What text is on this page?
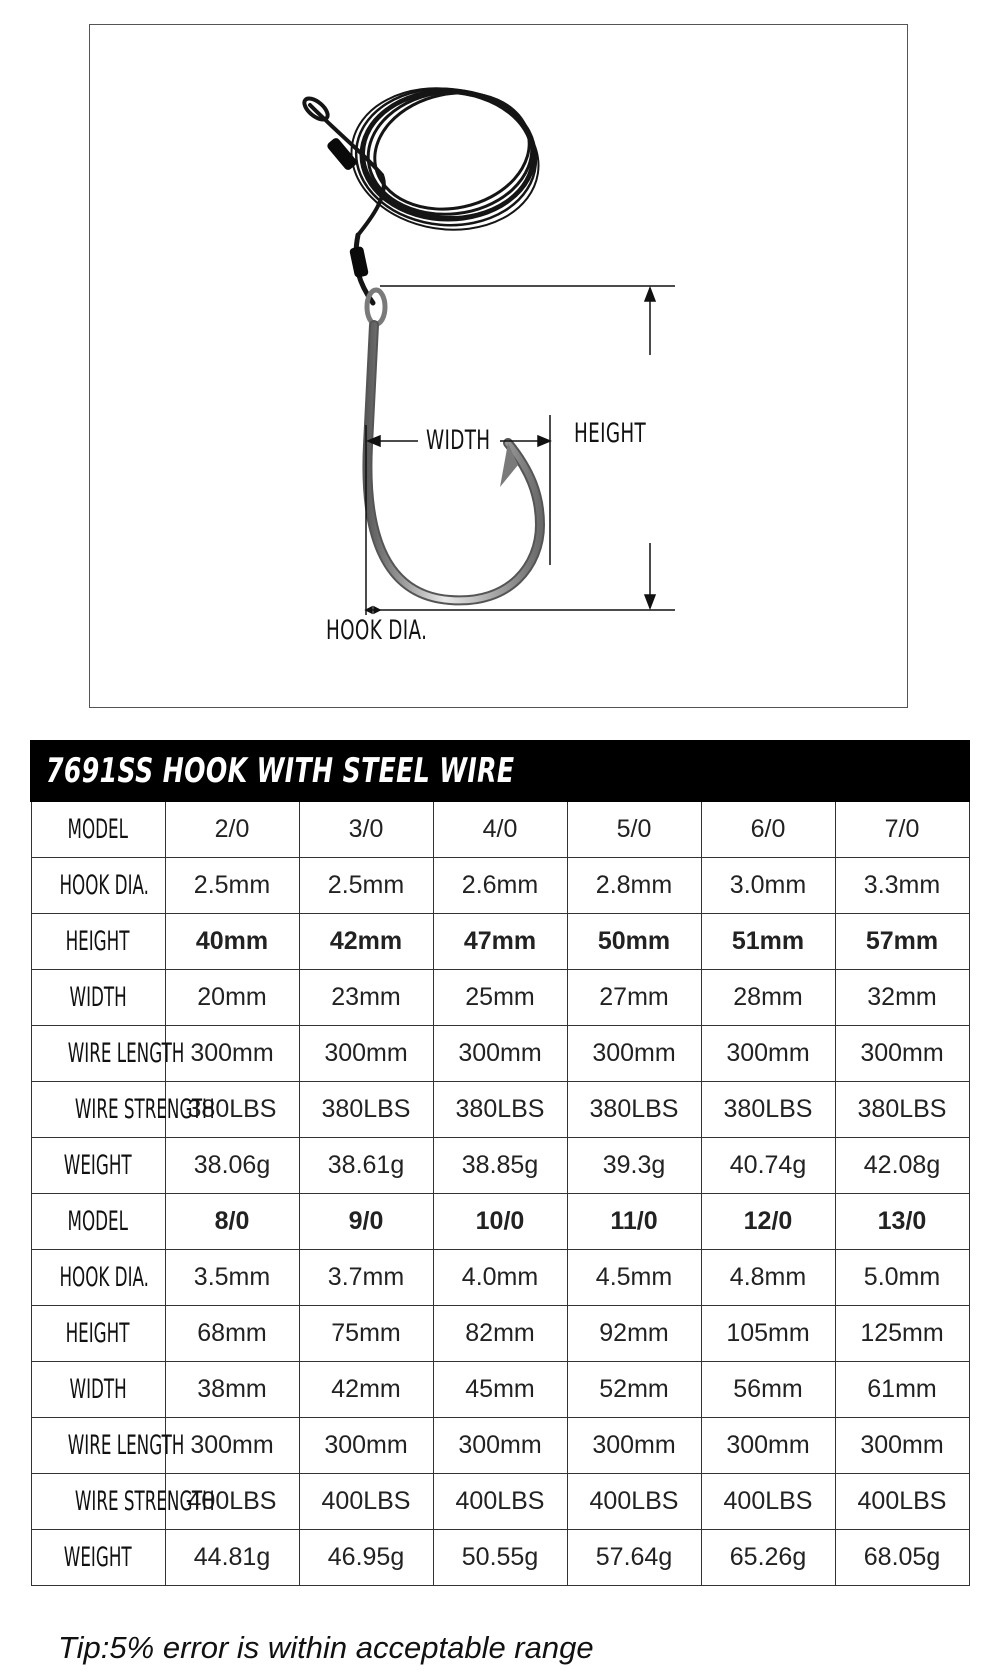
WIDTH	HEIGHT
HOOK DIA.
7691SS HOOK WITH STEEL WIRE						
MODEL	2/0	3/0	4/0	5/0	6/0	7/0
HOOK DIA.	2.5mm	2.5mm	2.6mm	2.8mm	3.0mm	3.3mm
HEIGHT	40mm	42mm	47mm	50mm	51mm	57mm
WIDTH	20mm	23mm	25mm	27mm	28mm	32mm
WIRE LENGTH	300mm	300mm	300mm	300mm	300mm	300mm
WIRE STRENGTH	380LBS	380LBS	380LBS	380LBS	380LBS	380LBS
WEIGHT	38.06g	38.61g	38.85g	39.3g	40.74g	42.08g
MODEL	8/0	9/0	10/0	11/0	12/0	13/0
HOOK DIA.	3.5mm	3.7mm	4.0mm	4.5mm	4.8mm	5.0mm
HEIGHT	68mm	75mm	82mm	92mm	105mm	125mm
WIDTH	38mm	42mm	45mm	52mm	56mm	61mm
WIRE LENGTH	300mm	300mm	300mm	300mm	300mm	300mm
WIRE STRENGTH	400LBS	400LBS	400LBS	400LBS	400LBS	400LBS
WEIGHT	44.81g	46.95g	50.55g	57.64g	65.26g	68.05g
Tip:5% error is within acceptable range
